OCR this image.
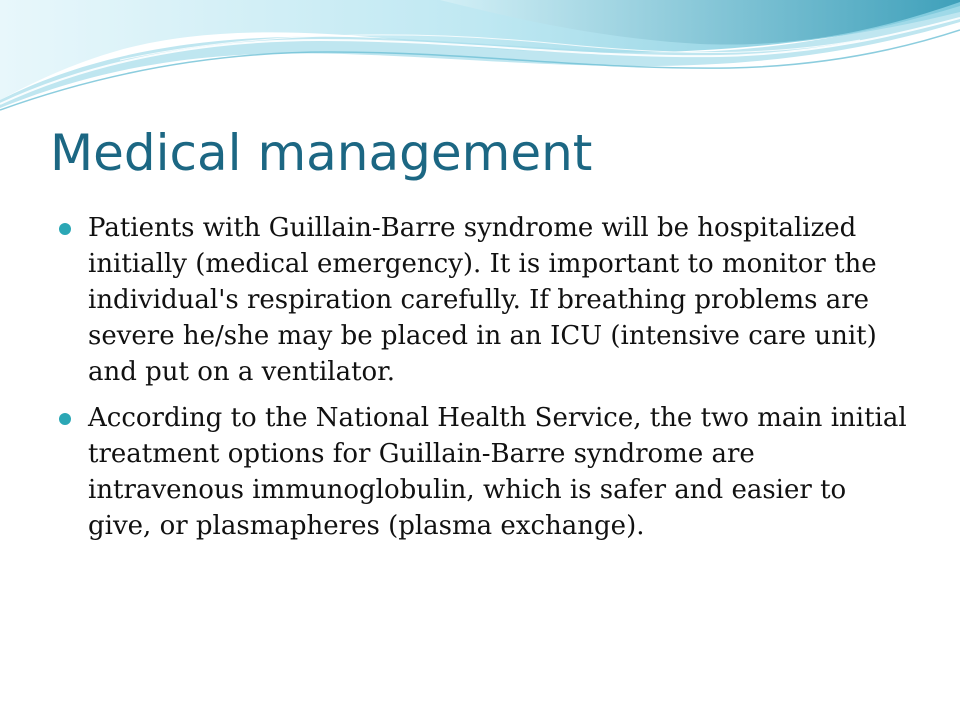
Medical management
Patients with Guillain-Barre syndrome will be hospitalized initially (medical emergency). It is important to monitor the individual's respiration carefully. If breathing problems are severe he/she may be placed in an ICU (intensive care unit) and put on a ventilator.
According to the National Health Service, the two main initial treatment options for Guillain-Barre syndrome are intravenous immunoglobulin, which is safer and easier to give, or plasmapheres (plasma exchange).
